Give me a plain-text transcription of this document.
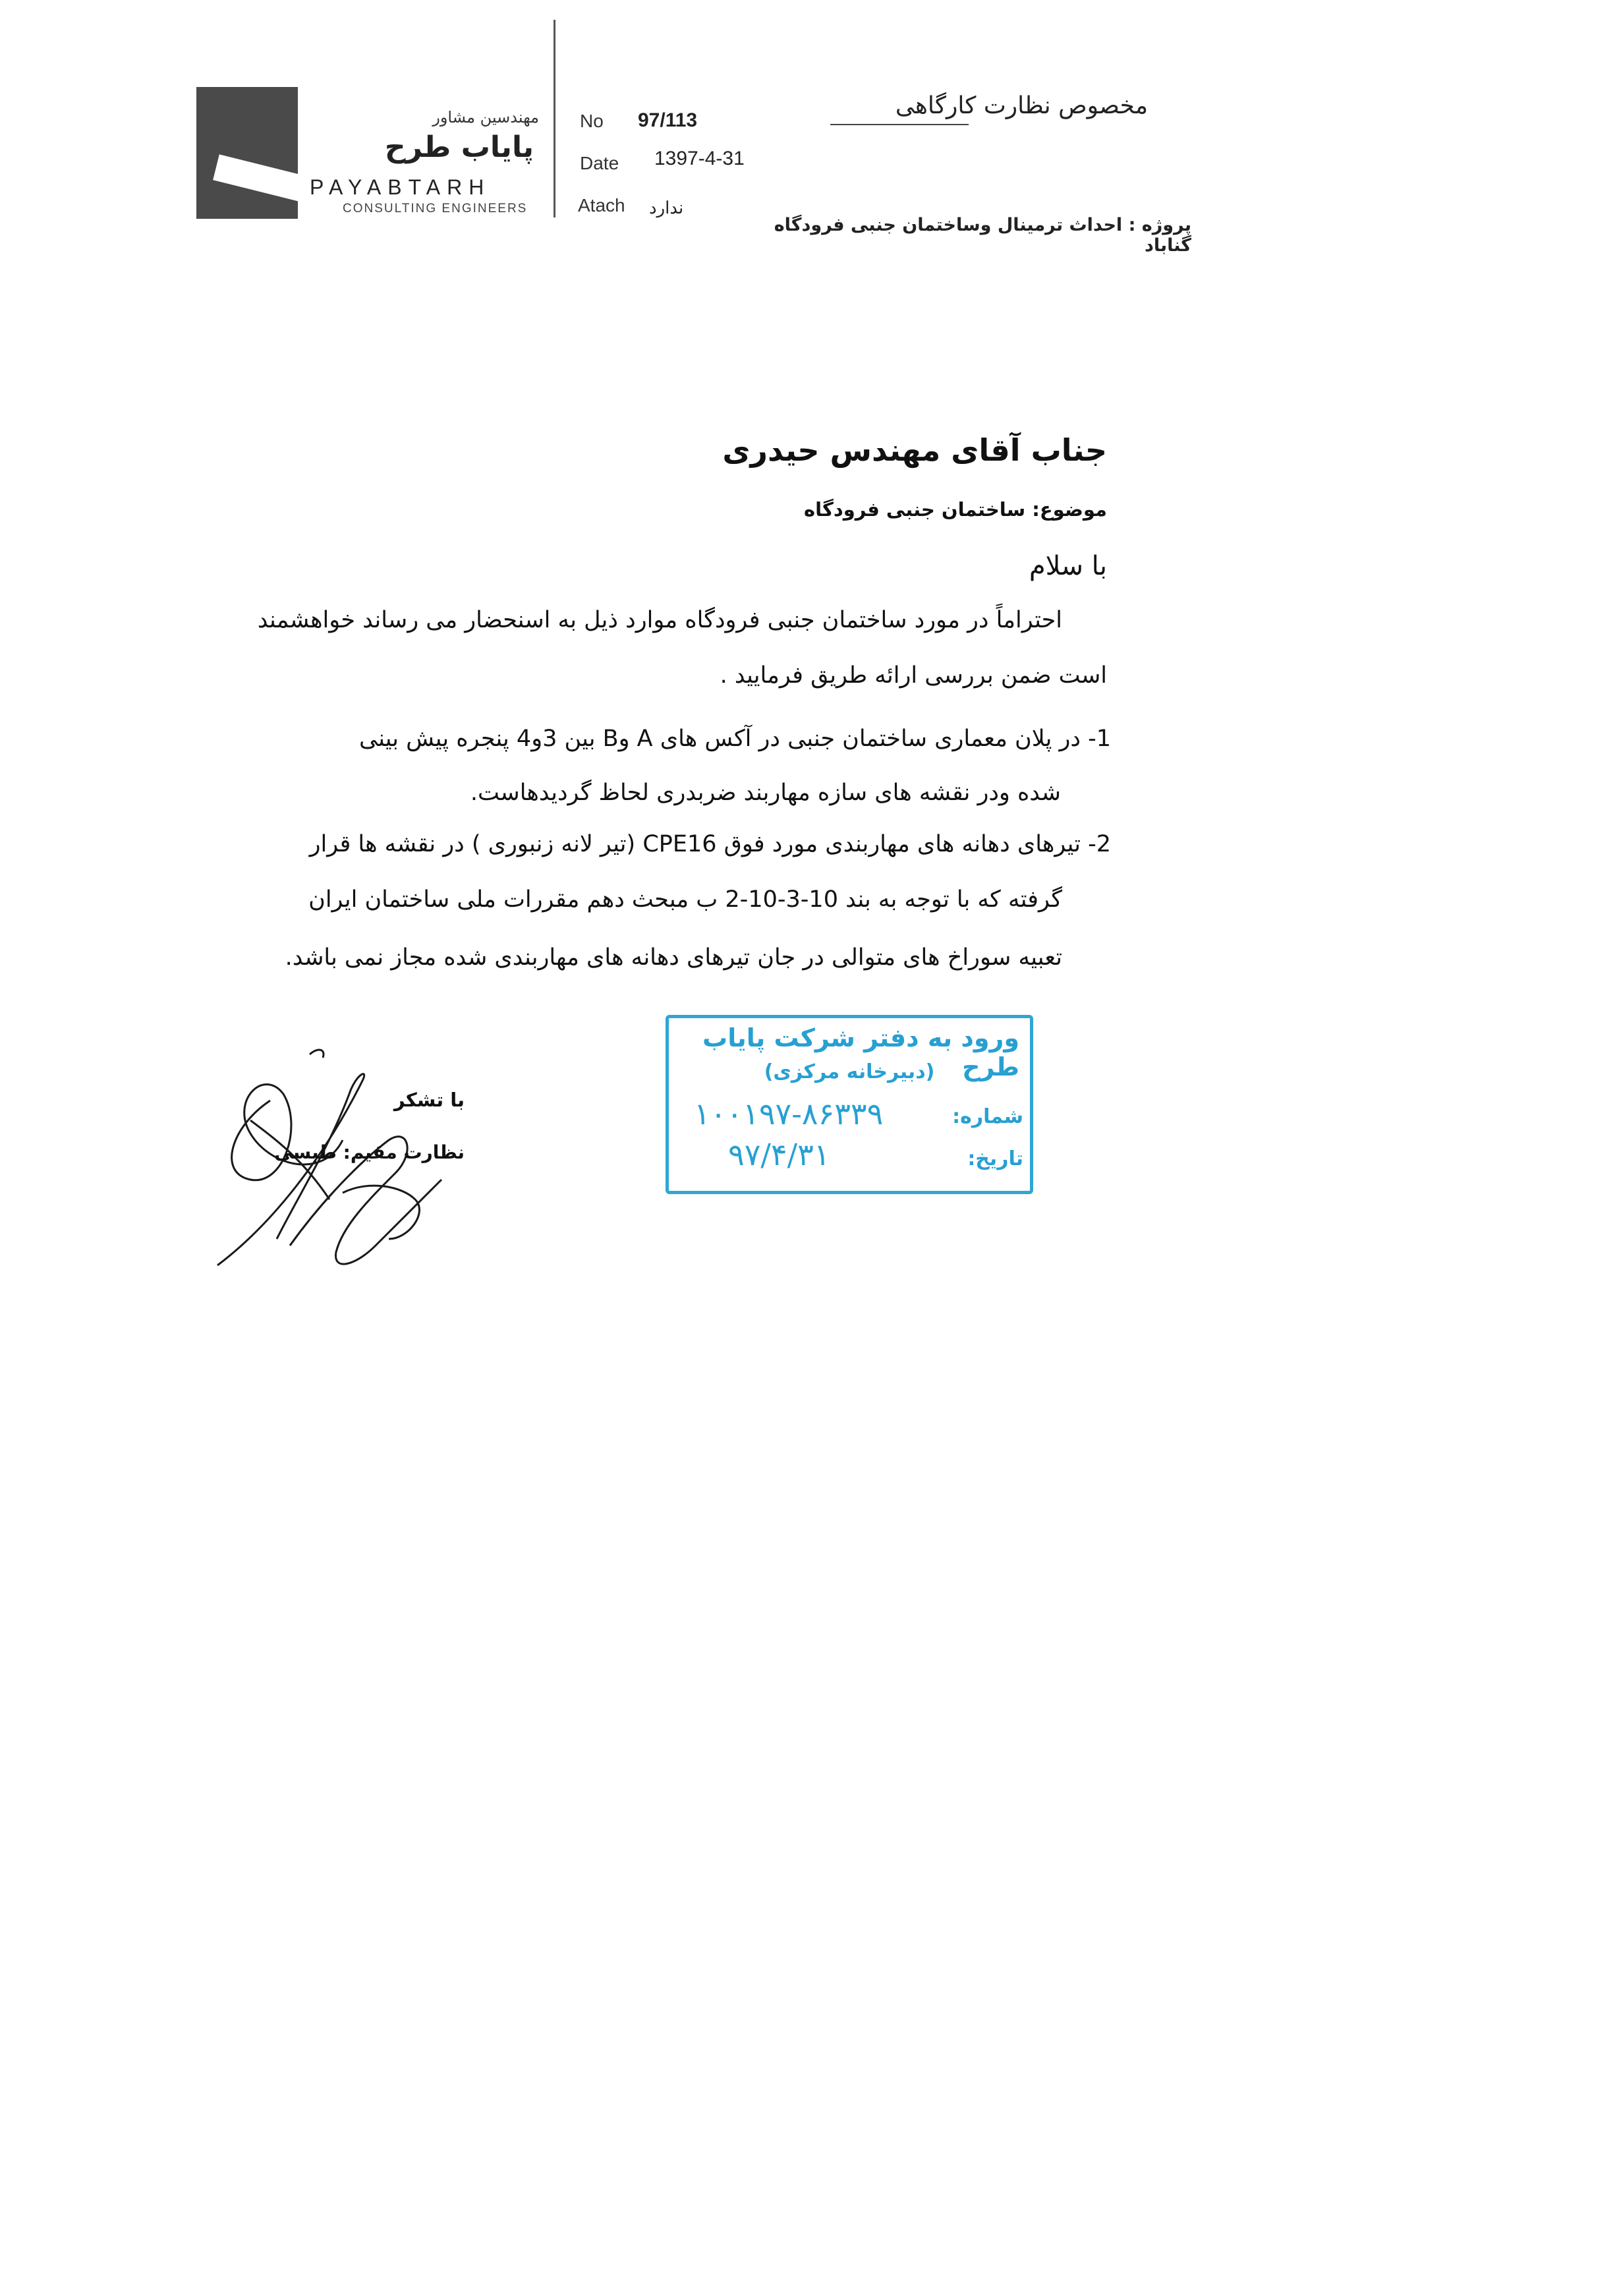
مهندسین مشاور
پایاب طرح
PAYABTARH
CONSULTING ENGINEERS
No 97/113
Date 1397-4-31
Atach ندارد
مخصوص نظارت کارگاهی
پروژه : احداث ترمینال وساختمان جنبی فرودگاه گناباد
جناب آقای مهندس حیدری
موضوع: ساختمان جنبی فرودگاه
با سلام
احتراماً در مورد ساختمان جنبی فرودگاه موارد ذیل به اسنحضار می رساند خواهشمند
است ضمن بررسی ارائه طریق فرمایید .
1- در پلان معماری ساختمان جنبی در آکس های A وB بین 3و4 پنجره پیش بینی
شده ودر نقشه های سازه مهاربند ضربدری لحاظ گردیدهاست.
2- تیرهای دهانه های مهاربندی مورد فوق CPE16 (تیر لانه زنبوری ) در نقشه ها قرار
گرفته که با توجه به بند 10-3-10-2 ب مبحث دهم مقررات ملی ساختمان ایران
تعبیه سوراخ های متوالی در جان تیرهای دهانه های مهاربندی شده مجاز نمی باشد.
با تشکر
نظارت مقیم: طبسی
ورود به دفتر شرکت پایاب طرح
(دبیرخانه مرکزی)
شماره:
۱۰۰۱۹۷-۸۶۳۳۹
تاریخ:
۹۷/۴/۳۱
